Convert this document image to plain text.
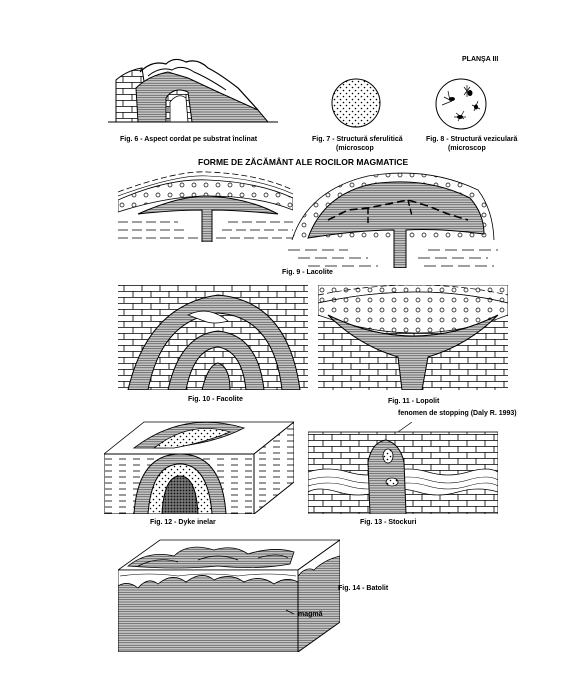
PLANŞA III
Fig. 6 - Aspect cordat pe substrat înclinat	Fig. 7 - Structură sferulitică
(microscop
Fig. 8 - Structură veziculară
(microscop
FORME DE ZĂCĂMÂNT ALE ROCILOR MAGMATICE
Fig. 9 - Lacolite
Fig. 10 - Facolite	Fig. 11 - Lopolit
Fig. 12 - Dyke inelar
fenomen de stopping (Daly R. 1993)
Fig. 13 - Stockuri
Fig. 14 - Batolit
magmă
